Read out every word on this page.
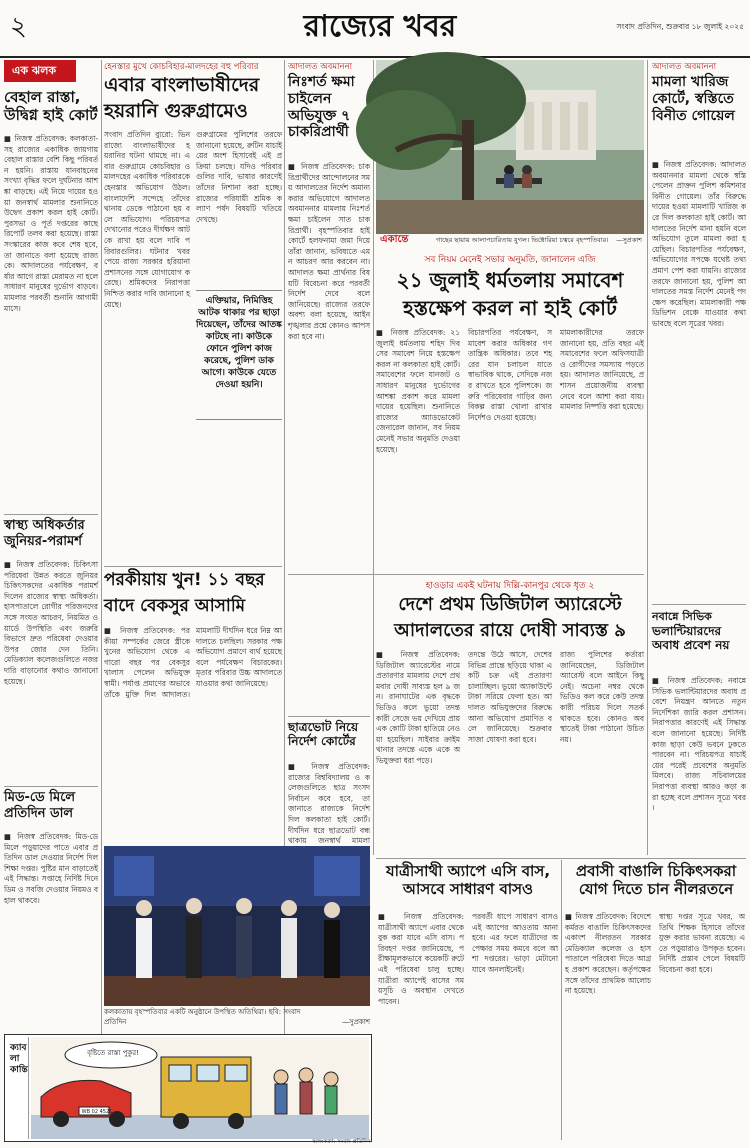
২	রাজ্যের খবর	সংবাদ প্রতিদিন, শুক্রবার ১৮ জুলাই ২০২৫
এক ঝলক
বেহাল রাস্তা, উদ্বিগ্ন হাই কোর্ট
■ নিজস্ব প্রতিবেদক: কলকাতা-সহ রাজ্যের একাধিক জায়গায় বেহাল রাস্তার বেশি কিছু পরিবর্তন হয়নি। রাস্তায় যানবাহনের সংখ্যা বৃদ্ধির ফলে দুর্ঘটনার আশঙ্কা বাড়ছে। এই নিয়ে দায়ের হওয়া জনস্বার্থ মামলার শুনানিতে উদ্বেগ প্রকাশ করল হাই কোর্ট। পুরসভা ও পূর্ত দপ্তরের কাছে রিপোর্ট তলব করা হয়েছে। রাস্তা সংস্কারের কাজ কবে শেষ হবে, তা জানাতে বলা হয়েছে রাজ্যকে। আদালতের পর্যবেক্ষণ, বর্ষার আগে রাস্তা মেরামত না হলে সাধারণ মানুষের দুর্ভোগ বাড়বে। মামলার পরবর্তী শুনানি আগামী মাসে।
স্বাস্থ্য অধিকর্তার জুনিয়র-পরামর্শ
■ নিজস্ব প্রতিবেদক: চিকিৎসা পরিষেবা উন্নত করতে জুনিয়র চিকিৎসকদের একাধিক পরামর্শ দিলেন রাজ্যের স্বাস্থ্য অধিকর্তা। হাসপাতালে রোগীর পরিজনদের সঙ্গে সংযত আচরণ, নিয়মিত ওয়ার্ডে উপস্থিতি এবং জরুরি বিভাগে দ্রুত পরিষেবা দেওয়ার উপর জোর দেন তিনি। মেডিক্যাল কলেজগুলিতে নজরদারি বাড়ানোর কথাও জানানো হয়েছে।
মিড-ডে মিলে প্রতিদিন ডাল
■ নিজস্ব প্রতিবেদক: মিড-ডে মিলে পড়ুয়াদের পাতে এবার প্রতিদিন ডাল দেওয়ার নির্দেশ দিল শিক্ষা দপ্তর। পুষ্টির মান বাড়াতেই এই সিদ্ধান্ত। সপ্তাহে নির্দিষ্ট দিনে ডিম ও সবজি দেওয়ার নিয়মও বহাল থাকবে।
হেনস্তার মুখে কোচবিহার-মালদহের বহু পরিবার
এবার বাংলাভাষীদের
হয়রানি গুরুগ্রামেও
সংবাদ প্রতিদিন ব্যুরো: ভিন রাজ্যে বাংলাভাষীদের হয়রানির ঘটনা থামছে না। এবার গুরুগ্রামে কোচবিহার ও মালদহের একাধিক পরিবারকে হেনস্তার অভিযোগ উঠল। বাংলাদেশি সন্দেহে তাঁদের থানায় ডেকে পাঠানো হয় বলে অভিযোগ। পরিচয়পত্র দেখানোর পরেও দীর্ঘক্ষণ আটকে রাখা হয় বলে দাবি পরিবারগুলির। ঘটনার খবর পেয়ে রাজ্য সরকার হরিয়ানা প্রশাসনের সঙ্গে যোগাযোগ করেছে। শ্রমিকদের নিরাপত্তা নিশ্চিত করার দাবি জানানো হয়েছে।
গুরুগ্রামের পুলিশের তরফে জানানো হয়েছে, রুটিন যাচাইয়ের অংশ হিসাবেই এই প্রক্রিয়া চলছে। যদিও পরিবারগুলির দাবি, ভাষার কারণেই তাঁদের নিশানা করা হচ্ছে। রাজ্যের পরিযায়ী শ্রমিক কল্যাণ পর্ষদ বিষয়টি খতিয়ে দেখছে।
এক্তিয়ার, নিমিত্তিহ আটক থাকার পর ছাড়া দিয়েছেন, তাঁদের আতঙ্ক কাটছে না। কাউকে ফোনে পুলিশ কাজ করেছে, পুলিশ ডাক আগে। কাউকে যেতে দেওয়া হয়নি।
পরকীয়ায় খুন! ১১ বছর
বাদে বেকসুর আসামি
■ নিজস্ব প্রতিবেদক: পরকীয়া সম্পর্কের জেরে স্ত্রীকে খুনের অভিযোগ থেকে এগারো বছর পর বেকসুর খালাস পেলেন অভিযুক্ত স্বামী। পর্যাপ্ত প্রমাণের অভাবে তাঁকে মুক্তি দিল আদালত। মামলাটি দীর্ঘদিন ধরে নিম্ন আদালতে চলছিল। সরকার পক্ষ অভিযোগ প্রমাণে ব্যর্থ হয়েছে বলে পর্যবেক্ষণ বিচারকের। মৃতার পরিবার উচ্চ আদালতে যাওয়ার কথা জানিয়েছে।
আদালত অবমাননা
নিঃশর্ত ক্ষমা চাইলেন অভিযুক্ত ৭ চাকরিপ্রার্থী
■ নিজস্ব প্রতিবেদক: চাকরিপ্রার্থীদের আন্দোলনের সময় আদালতের নির্দেশ অমান্য করার অভিযোগে আদালত অবমাননার মামলায় নিঃশর্ত ক্ষমা চাইলেন সাত চাকরিপ্রার্থী। বৃহস্পতিবার হাই কোর্টে হলফনামা জমা দিয়ে তাঁরা জানান, ভবিষ্যতে এমন আচরণ আর করবেন না। আদালত ক্ষমা প্রার্থনার বিষয়টি বিবেচনা করে পরবর্তী নির্দেশ দেবে বলে জানিয়েছে। রাজ্যের তরফে অবশ্য বলা হয়েছে, আইনশৃঙ্খলার প্রশ্নে কোনও আপস করা হবে না।
ছাত্রভোট নিয়ে নির্দেশ কোর্টের
■ নিজস্ব প্রতিবেদক: রাজ্যের বিশ্ববিদ্যালয় ও কলেজগুলিতে ছাত্র সংসদ নির্বাচন কবে হবে, তা জানাতে রাজ্যকে নির্দেশ দিল কলকাতা হাই কোর্ট। দীর্ঘদিন ধরে ছাত্রভোট বন্ধ থাকায় জনস্বার্থ মামলা
একান্তে	গাছের ছায়ায় আলাপচারিতায় যুগল। ভিক্টোরিয়া চত্বরে বৃহস্পতিবার। —সুপ্রকাশ
সব নিয়ম মেনেই সভার অনুমতি, জানালেন এজি
২১ জুলাই ধর্মতলায় সমাবেশ
হস্তক্ষেপ করল না হাই কোর্ট
■ নিজস্ব প্রতিবেদক: ২১ জুলাই ধর্মতলায় শহিদ দিবসের সমাবেশ নিয়ে হস্তক্ষেপ করল না কলকাতা হাই কোর্ট। সমাবেশের ফলে যানজট ও সাধারণ মানুষের দুর্ভোগের আশঙ্কা প্রকাশ করে মামলা দায়ের হয়েছিল। শুনানিতে রাজ্যের অ্যাডভোকেট জেনারেল জানান, সব নিয়ম মেনেই সভার অনুমতি দেওয়া হয়েছে।
বিচারপতির পর্যবেক্ষণ, সমাবেশ করার অধিকার গণতান্ত্রিক অধিকার। তবে শহরের যান চলাচল যাতে স্বাভাবিক থাকে, সেদিকে নজর রাখতে হবে পুলিশকে। জরুরি পরিষেবার গাড়ির জন্য বিকল্প রাস্তা খোলা রাখার নির্দেশও দেওয়া হয়েছে।
মামলাকারীদের তরফে জানানো হয়, প্রতি বছর এই সমাবেশের ফলে অফিসযাত্রী ও রোগীদের সমস্যায় পড়তে হয়। আদালত জানিয়েছে, প্রশাসন প্রয়োজনীয় ব্যবস্থা নেবে বলে আশা করা যায়। মামলার নিষ্পত্তি করা হয়েছে।
হাওড়ার একই ঘটনায় দিল্লি-কানপুর থেকে ধৃত ২
দেশে প্রথম ডিজিটাল অ্যারেস্টে
আদালতের রায়ে দোষী সাব্যস্ত ৯
■ নিজস্ব প্রতিবেদক: ডিজিটাল অ্যারেস্টের নামে প্রতারণার মামলায় দেশে প্রথমবার দোষী সাব্যস্ত হল ৯ জন। রানাঘাটের এক বৃদ্ধকে ভিডিও কলে ভুয়ো তদন্তকারী সেজে ভয় দেখিয়ে প্রায় এক কোটি টাকা হাতিয়ে নেওয়া হয়েছিল। সাইবার ক্রাইম থানার তদন্তে একে একে অভিযুক্তরা ধরা পড়ে।
তদন্তে উঠে আসে, দেশের বিভিন্ন প্রান্তে ছড়িয়ে থাকা একটি চক্র এই প্রতারণা চালাচ্ছিল। ভুয়ো অ্যাকাউন্টে টাকা সরিয়ে ফেলা হত। আদালত অভিযুক্তদের বিরুদ্ধে আনা অভিযোগ প্রমাণিত বলে জানিয়েছে। শুক্রবার সাজা ঘোষণা করা হবে।
রাজ্য পুলিশের কর্তারা জানিয়েছেন, ডিজিটাল অ্যারেস্ট বলে আইনে কিছু নেই। অচেনা নম্বর থেকে ভিডিও কল করে কেউ তদন্তকারী পরিচয় দিলে সতর্ক থাকতে হবে। কোনও অবস্থাতেই টাকা পাঠানো উচিত নয়।
আদালত অবমাননা
মামলা খারিজ কোর্টে, স্বস্তিতে বিনীত গোয়েল
■ নিজস্ব প্রতিবেদক: আদালত অবমাননার মামলা থেকে স্বস্তি পেলেন প্রাক্তন পুলিশ কমিশনার বিনীত গোয়েল। তাঁর বিরুদ্ধে দায়ের হওয়া মামলাটি খারিজ করে দিল কলকাতা হাই কোর্ট। আদালতের নির্দেশ মানা হয়নি বলে অভিযোগ তুলে মামলা করা হয়েছিল। বিচারপতির পর্যবেক্ষণ, অভিযোগের সপক্ষে যথেষ্ট তথ্যপ্রমাণ পেশ করা যায়নি। রাজ্যের তরফে জানানো হয়, পুলিশ আদালতের সমস্ত নির্দেশ মেনেই পদক্ষেপ করেছিল। মামলাকারী পক্ষ ডিভিশন বেঞ্চে যাওয়ার কথা ভাবছে বলে সূত্রের খবর।
নবান্নে সিভিক
ভলান্টিয়ারদের অবাধ প্রবেশ নয়
■ নিজস্ব প্রতিবেদক: নবান্নে সিভিক ভলান্টিয়ারদের অবাধ প্রবেশে নিয়ন্ত্রণ আনতে নতুন নির্দেশিকা জারি করল প্রশাসন। নিরাপত্তার কারণেই এই সিদ্ধান্ত বলে জানানো হয়েছে। নির্দিষ্ট কাজ ছাড়া কেউ ভবনে ঢুকতে পারবেন না। পরিচয়পত্র যাচাইয়ের পরেই প্রবেশের অনুমতি মিলবে। রাজ্য সচিবালয়ের নিরাপত্তা ব্যবস্থা আরও কড়া করা হচ্ছে বলে প্রশাসন সূত্রে খবর।
যাত্রীসাথী অ্যাপে এসি বাস, আসবে সাধারণ বাসও
■ নিজস্ব প্রতিবেদক: যাত্রীসাথী অ্যাপে এবার থেকে বুক করা যাবে এসি বাস। পরিবহণ দপ্তর জানিয়েছে, পরীক্ষামূলকভাবে কয়েকটি রুটে এই পরিষেবা চালু হচ্ছে। যাত্রীরা অ্যাপেই বাসের সময়সূচি ও অবস্থান দেখতে পাবেন।
পরবর্তী ধাপে সাধারণ বাসও এই অ্যাপের আওতায় আনা হবে। এর ফলে যাত্রীদের অপেক্ষার সময় কমবে বলে আশা দপ্তরের। ভাড়া মেটানো যাবে অনলাইনেই।
প্রবাসী বাঙালি চিকিৎসকরা যোগ দিতে চান নীলরতনে
■ নিজস্ব প্রতিবেদক: বিদেশে কর্মরত বাঙালি চিকিৎসকদের একাংশ নীলরতন সরকার মেডিক্যাল কলেজ ও হাসপাতালে পরিষেবা দিতে আগ্রহ প্রকাশ করেছেন। কর্তৃপক্ষের সঙ্গে তাঁদের প্রাথমিক আলোচনা হয়েছে।
স্বাস্থ্য দপ্তর সূত্রে খবর, অতিথি শিক্ষক হিসাবে তাঁদের যুক্ত করার ভাবনা রয়েছে। এতে পড়ুয়ারাও উপকৃত হবেন। নির্দিষ্ট প্রস্তাব পেলে বিষয়টি বিবেচনা করা হবে।
কলকাতায় বৃহস্পতিবার একটি অনুষ্ঠানে উপস্থিত অতিথিরা। ছবি: সংবাদ প্রতিদিন	—সুপ্রকাশ
ক্যাবলা কান্তি
বৃষ্টিতে রাস্তা পুকুর!
WB 02 4521
অলংকরণ: সংবাদ প্রতিদিন
